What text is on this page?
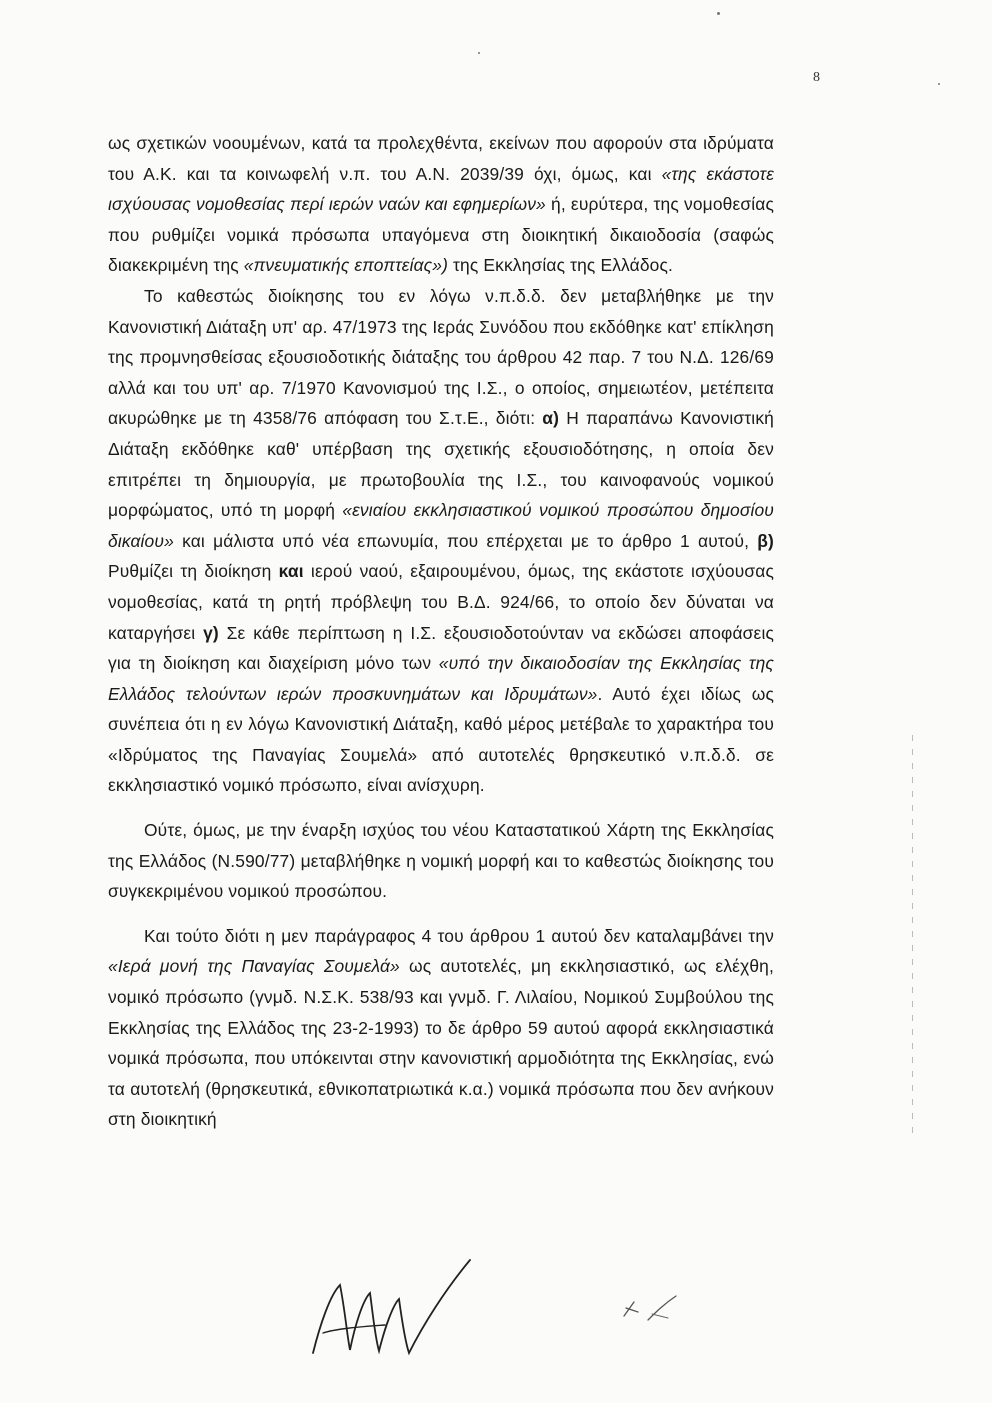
8

ως σχετικών νοουμένων, κατά τα προλεχθέντα, εκείνων που αφορούν στα ιδρύματα του Α.Κ. και τα κοινωφελή ν.π. του Α.Ν. 2039/39 όχι, όμως, και «της εκάστοτε ισχύουσας νομοθεσίας περί ιερών ναών και εφημερίων» ή, ευρύτερα, της νομοθεσίας που ρυθμίζει νομικά πρόσωπα υπαγόμενα στη διοικητική δικαιοδοσία (σαφώς διακεκριμένη της «πνευματικής εποπτείας») της Εκκλησίας της Ελλάδος.

Το καθεστώς διοίκησης του εν λόγω ν.π.δ.δ. δεν μεταβλήθηκε με την Κανονιστική Διάταξη υπ' αρ. 47/1973 της Ιεράς Συνόδου που εκδόθηκε κατ' επίκληση της προμνησθείσας εξουσιοδοτικής διάταξης του άρθρου 42 παρ. 7 του Ν.Δ. 126/69 αλλά και του υπ' αρ. 7/1970 Κανονισμού της Ι.Σ., ο οποίος, σημειωτέον, μετέπειτα ακυρώθηκε με τη 4358/76 απόφαση του Σ.τ.Ε., διότι: α) Η παραπάνω Κανονιστική Διάταξη εκδόθηκε καθ' υπέρβαση της σχετικής εξουσιοδότησης, η οποία δεν επιτρέπει τη δημιουργία, με πρωτοβουλία της Ι.Σ., του καινοφανούς νομικού μορφώματος, υπό τη μορφή «ενιαίου εκκλησιαστικού νομικού προσώπου δημοσίου δικαίου» και μάλιστα υπό νέα επωνυμία, που επέρχεται με το άρθρο 1 αυτού, β) Ρυθμίζει τη διοίκηση και ιερού ναού, εξαιρουμένου, όμως, της εκάστοτε ισχύουσας νομοθεσίας, κατά τη ρητή πρόβλεψη του Β.Δ. 924/66, το οποίο δεν δύναται να καταργήσει γ) Σε κάθε περίπτωση η Ι.Σ. εξουσιοδοτούνταν να εκδώσει αποφάσεις για τη διοίκηση και διαχείριση μόνο των «υπό την δικαιοδοσίαν της Εκκλησίας της Ελλάδος τελούντων ιερών προσκυνημάτων και Ιδρυμάτων». Αυτό έχει ιδίως ως συνέπεια ότι η εν λόγω Κανονιστική Διάταξη, καθό μέρος μετέβαλε το χαρακτήρα του «Ιδρύματος της Παναγίας Σουμελά» από αυτοτελές θρησκευτικό ν.π.δ.δ. σε εκκλησιαστικό νομικό πρόσωπο, είναι ανίσχυρη.

Ούτε, όμως, με την έναρξη ισχύος του νέου Καταστατικού Χάρτη της Εκκλησίας της Ελλάδος (Ν.590/77) μεταβλήθηκε η νομική μορφή και το καθεστώς διοίκησης του συγκεκριμένου νομικού προσώπου.

Και τούτο διότι η μεν παράγραφος 4 του άρθρου 1 αυτού δεν καταλαμβάνει την «Ιερά μονή της Παναγίας Σουμελά» ως αυτοτελές, μη εκκλησιαστικό, ως ελέχθη, νομικό πρόσωπο (γνμδ. Ν.Σ.Κ. 538/93 και γνμδ. Γ. Λιλαίου, Νομικού Συμβούλου της Εκκλησίας της Ελλάδος της 23-2-1993) το δε άρθρο 59 αυτού αφορά εκκλησιαστικά νομικά πρόσωπα, που υπόκεινται στην κανονιστική αρμοδιότητα της Εκκλησίας, ενώ τα αυτοτελή (θρησκευτικά, εθνικοπατριωτικά κ.α.) νομικά πρόσωπα που δεν ανήκουν στη διοικητική
